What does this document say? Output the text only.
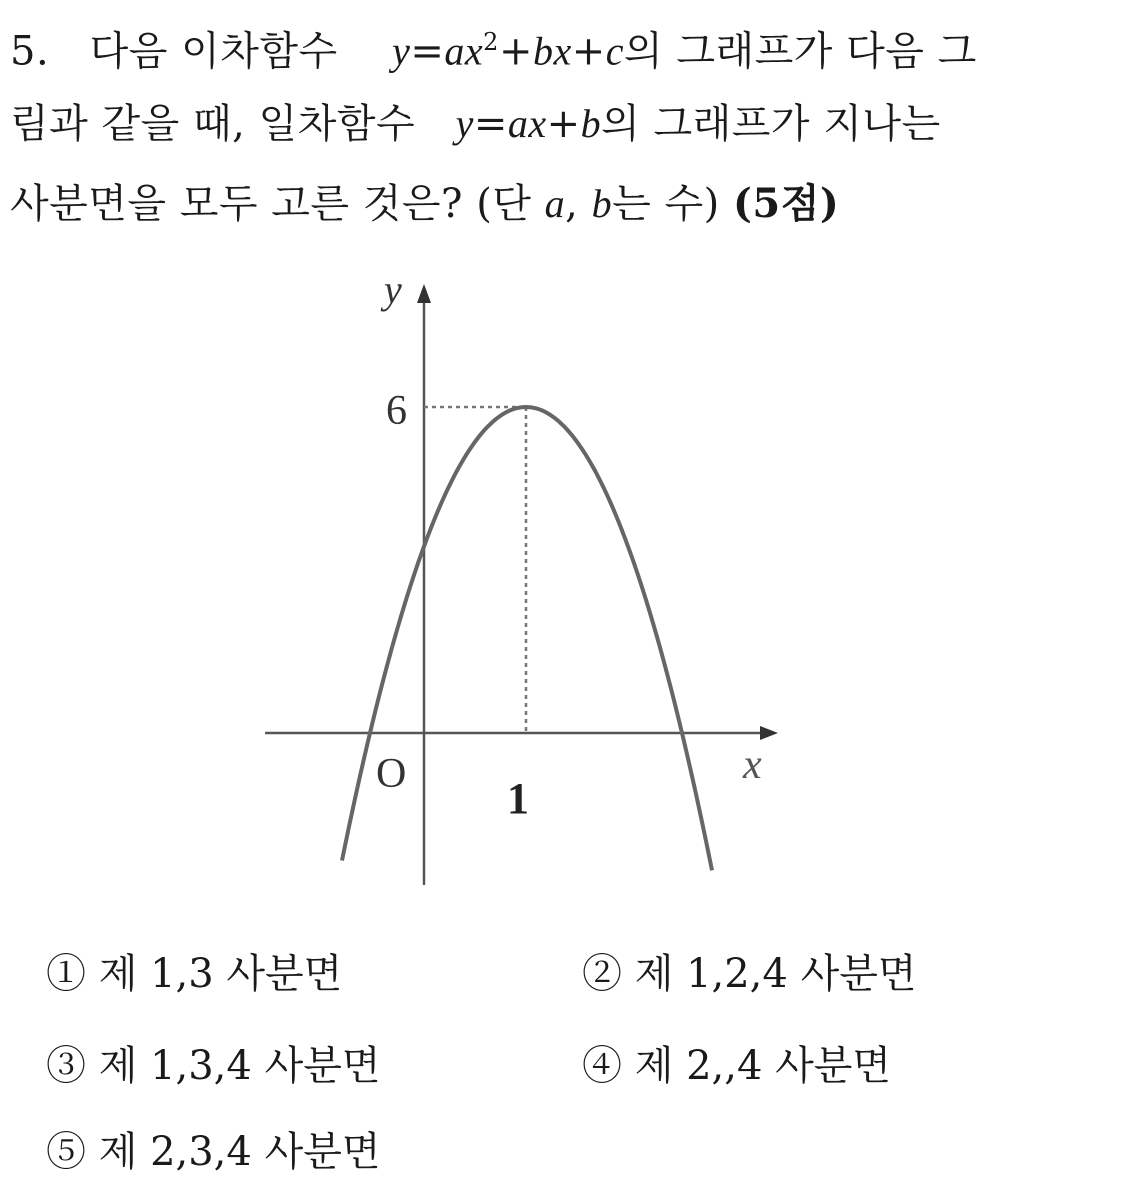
5. 다음 이차함수 $y=ax^2+bx+c$의 그래프가 다음 그
림과 같을 때, 일차함수 y=ax+b의 그래프가 지나는
사분면을 모두 고른 것은? (단 a, b는 수) (5점)
y
x
O
6
1
① 제 1,3 사분면	② 제 1,2,4 사분면
③ 제 1,3,4 사분면	④ 제 2,,4 사분면
⑤ 제 2,3,4 사분면
